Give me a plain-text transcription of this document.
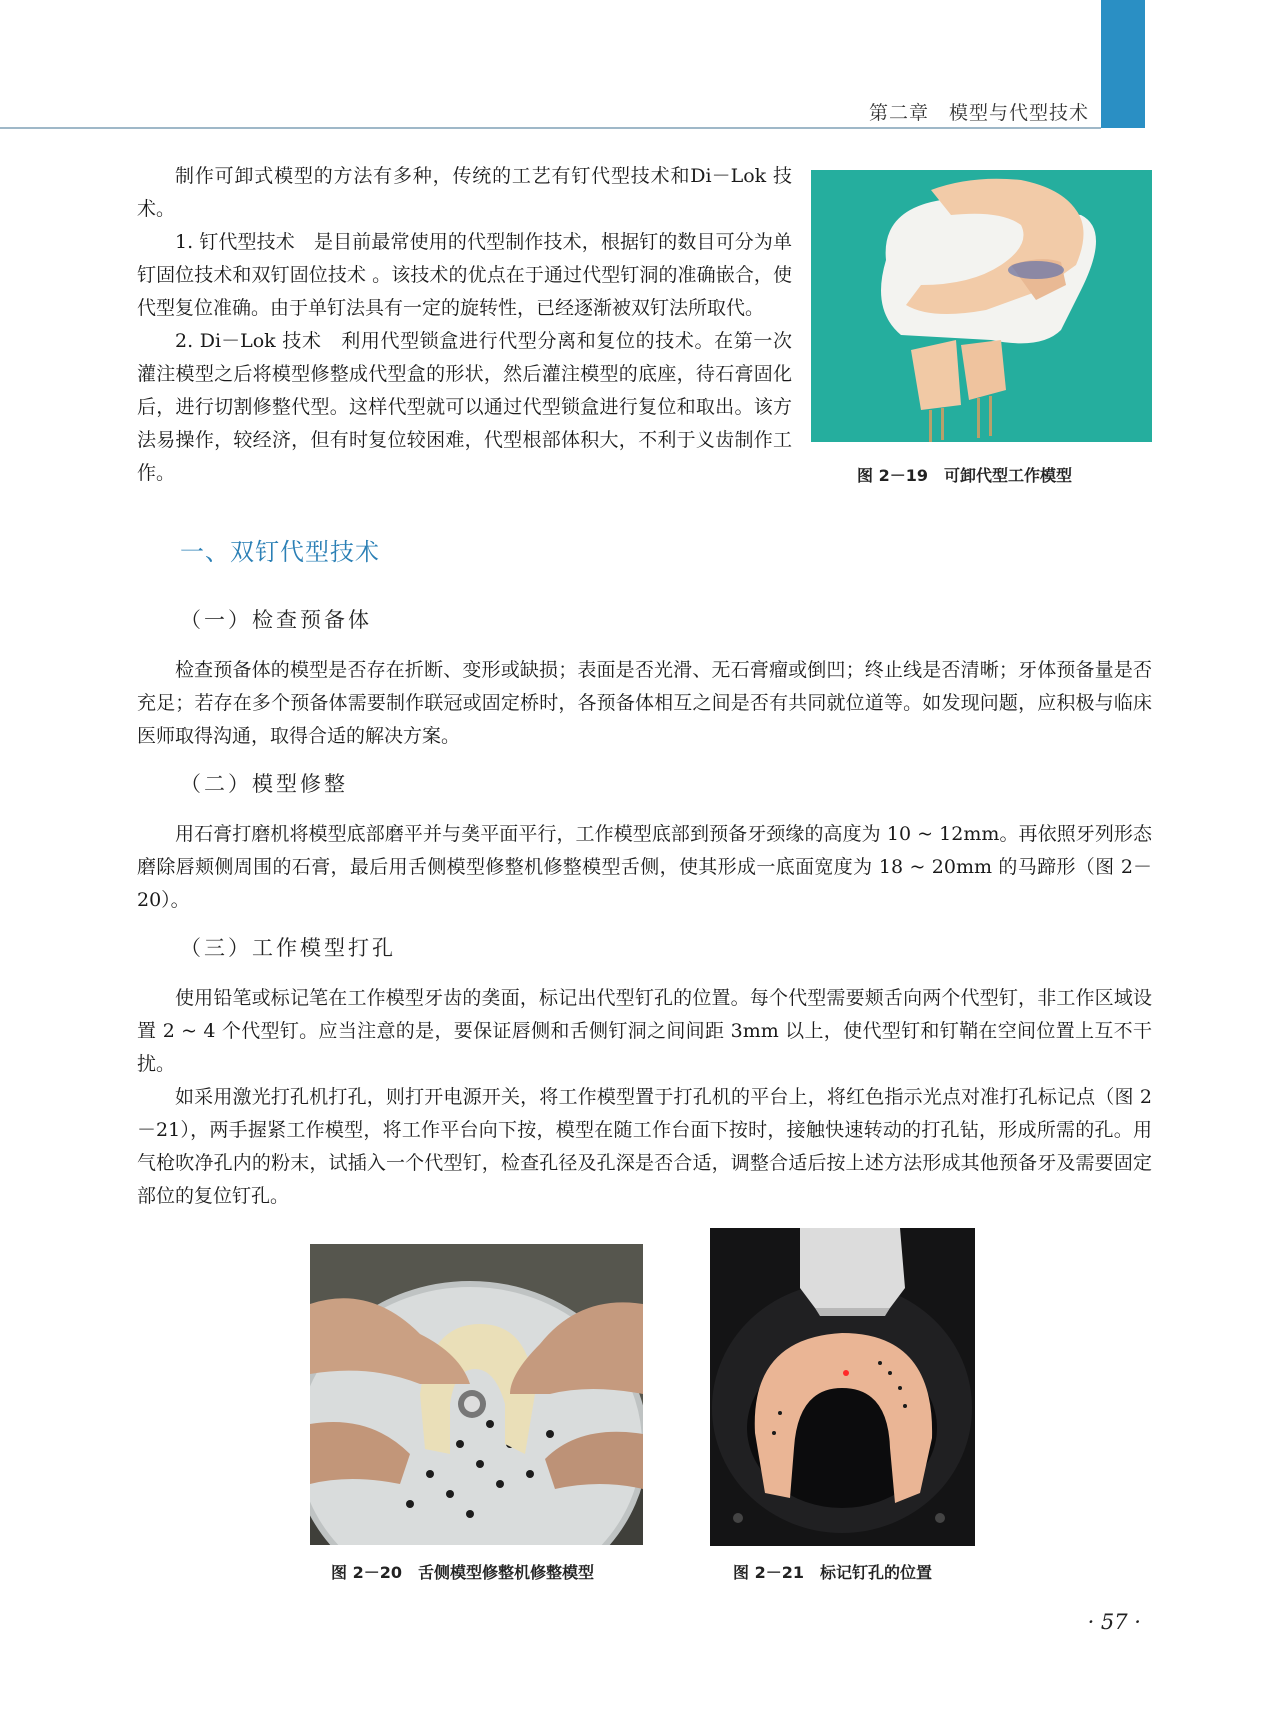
第二章　模型与代型技术

制作可卸式模型的方法有多种，传统的工艺有钉代型技术和Di－Lok 技术。

1. 钉代型技术　是目前最常使用的代型制作技术，根据钉的数目可分为单钉固位技术和双钉固位技术 。该技术的优点在于通过代型钉洞的准确嵌合，使代型复位准确。由于单钉法具有一定的旋转性，已经逐渐被双钉法所取代。

2. Di－Lok 技术　利用代型锁盒进行代型分离和复位的技术。在第一次灌注模型之后将模型修整成代型盒的形状，然后灌注模型的底座，待石膏固化后，进行切割修整代型。这样代型就可以通过代型锁盒进行复位和取出。该方法易操作，较经济，但有时复位较困难，代型根部体积大，不利于义齿制作工作。	图 2－19　可卸代型工作模型
一、双钉代型技术
（一）检查预备体

检查预备体的模型是否存在折断、变形或缺损；表面是否光滑、无石膏瘤或倒凹；终止线是否清晰；牙体预备量是否充足；若存在多个预备体需要制作联冠或固定桥时，各预备体相互之间是否有共同就位道等。如发现问题，应积极与临床医师取得沟通，取得合适的解决方案。

（二）模型修整

用石膏打磨机将模型底部磨平并与䶮平面平行，工作模型底部到预备牙颈缘的高度为 10 ~ 12mm。再依照牙列形态磨除唇颊侧周围的石膏，最后用舌侧模型修整机修整模型舌侧，使其形成一底面宽度为 18 ~ 20mm 的马蹄形（图 2－20）。

（三）工作模型打孔

使用铅笔或标记笔在工作模型牙齿的䶮面，标记出代型钉孔的位置。每个代型需要颊舌向两个代型钉，非工作区域设置 2 ~ 4 个代型钉。应当注意的是，要保证唇侧和舌侧钉洞之间间距 3mm 以上，使代型钉和钉鞘在空间位置上互不干扰。

如采用激光打孔机打孔，则打开电源开关，将工作模型置于打孔机的平台上，将红色指示光点对准打孔标记点（图 2－21），两手握紧工作模型，将工作平台向下按，模型在随工作台面下按时，接触快速转动的打孔钻，形成所需的孔。用气枪吹净孔内的粉末，试插入一个代型钉，检查孔径及孔深是否合适，调整合适后按上述方法形成其他预备牙及需要固定部位的复位钉孔。

图 2－20　舌侧模型修整机修整模型	图 2－21　标记钉孔的位置
· 57 ·
